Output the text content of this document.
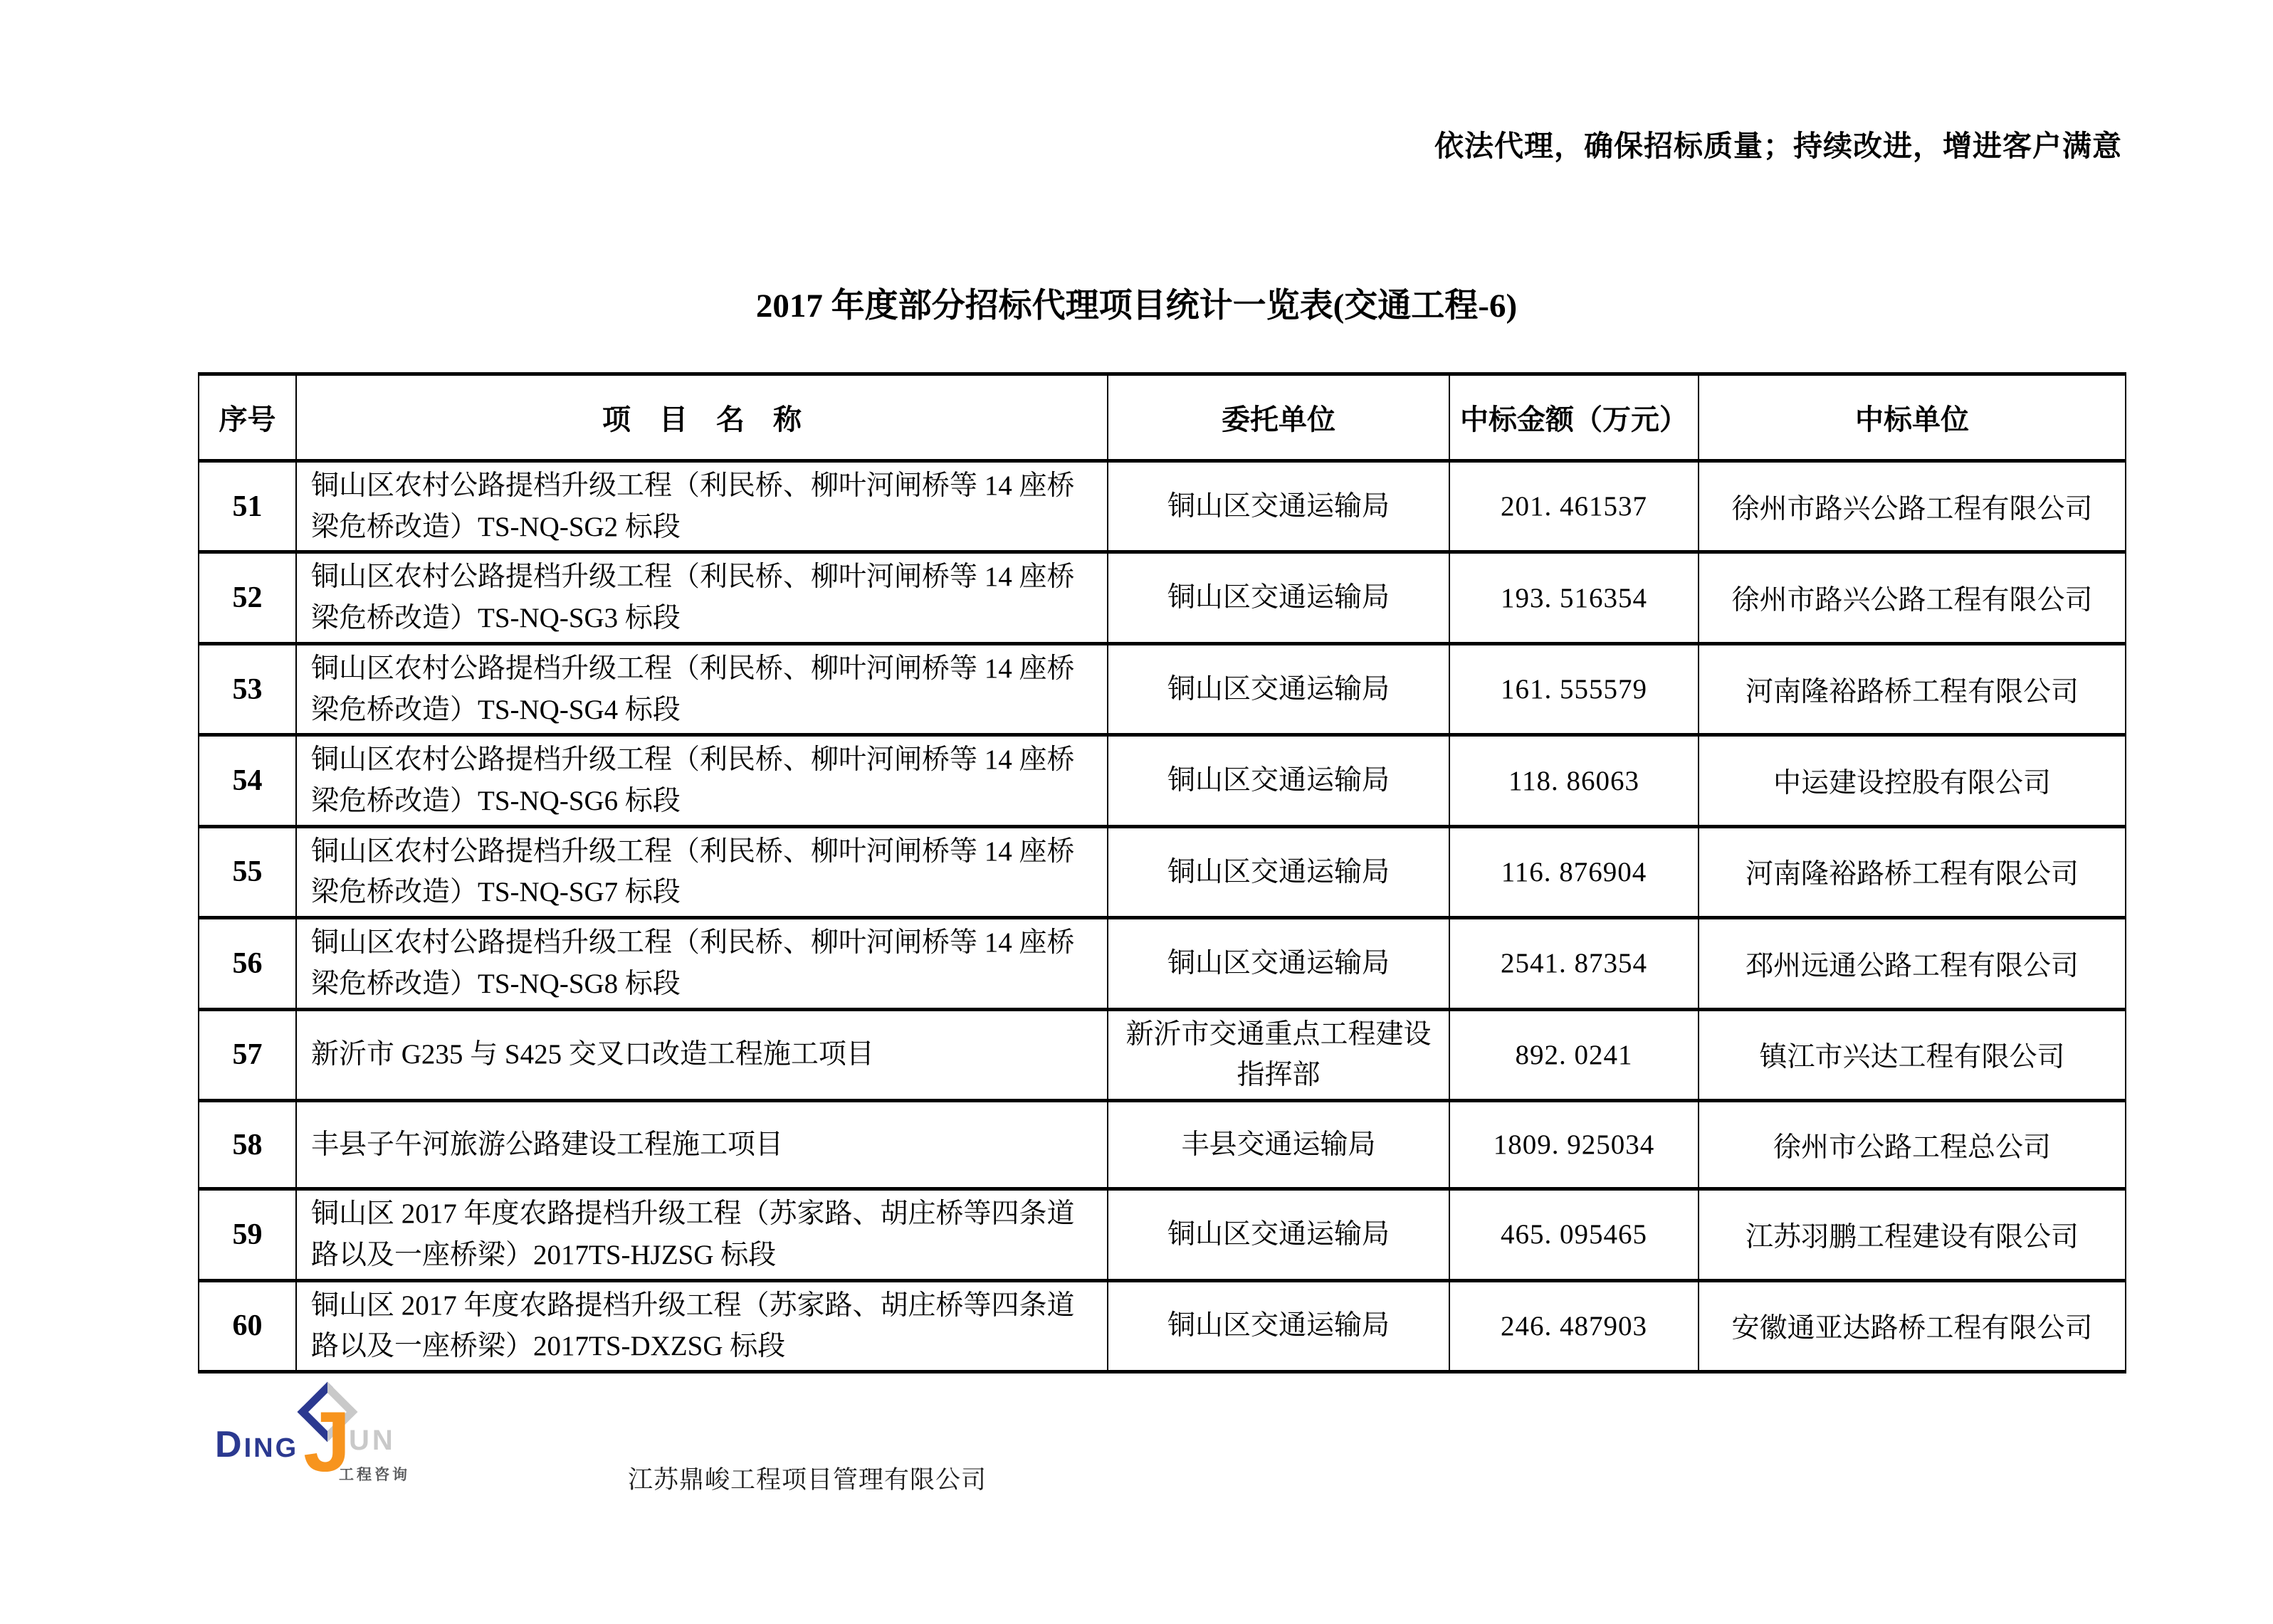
依法代理，确保招标质量；持续改进，增进客户满意
2017 年度部分招标代理项目统计一览表(交通工程-6)
序号	项　目　名　称	委托单位	中标金额（万元）	中标单位
51	铜山区农村公路提档升级工程（利民桥、柳叶河闸桥等 14 座桥梁危桥改造）TS-NQ-SG2 标段	铜山区交通运输局	201. 461537	徐州市路兴公路工程有限公司
52	铜山区农村公路提档升级工程（利民桥、柳叶河闸桥等 14 座桥梁危桥改造）TS-NQ-SG3 标段	铜山区交通运输局	193. 516354	徐州市路兴公路工程有限公司
53	铜山区农村公路提档升级工程（利民桥、柳叶河闸桥等 14 座桥梁危桥改造）TS-NQ-SG4 标段	铜山区交通运输局	161. 555579	河南隆裕路桥工程有限公司
54	铜山区农村公路提档升级工程（利民桥、柳叶河闸桥等 14 座桥梁危桥改造）TS-NQ-SG6 标段	铜山区交通运输局	118. 86063	中运建设控股有限公司
55	铜山区农村公路提档升级工程（利民桥、柳叶河闸桥等 14 座桥梁危桥改造）TS-NQ-SG7 标段	铜山区交通运输局	116. 876904	河南隆裕路桥工程有限公司
56	铜山区农村公路提档升级工程（利民桥、柳叶河闸桥等 14 座桥梁危桥改造）TS-NQ-SG8 标段	铜山区交通运输局	2541. 87354	邳州远通公路工程有限公司
57	新沂市 G235 与 S425 交叉口改造工程施工项目	新沂市交通重点工程建设指挥部	892. 0241	镇江市兴达工程有限公司
58	丰县子午河旅游公路建设工程施工项目	丰县交通运输局	1809. 925034	徐州市公路工程总公司
59	铜山区 2017 年度农路提档升级工程（苏家路、胡庄桥等四条道路以及一座桥梁）2017TS-HJZSG 标段	铜山区交通运输局	465. 095465	江苏羽鹏工程建设有限公司
60	铜山区 2017 年度农路提档升级工程（苏家路、胡庄桥等四条道路以及一座桥梁）2017TS-DXZSG 标段	铜山区交通运输局	246. 487903	安徽通亚达路桥工程有限公司
DING J
UN
工程咨询	江苏鼎峻工程项目管理有限公司
